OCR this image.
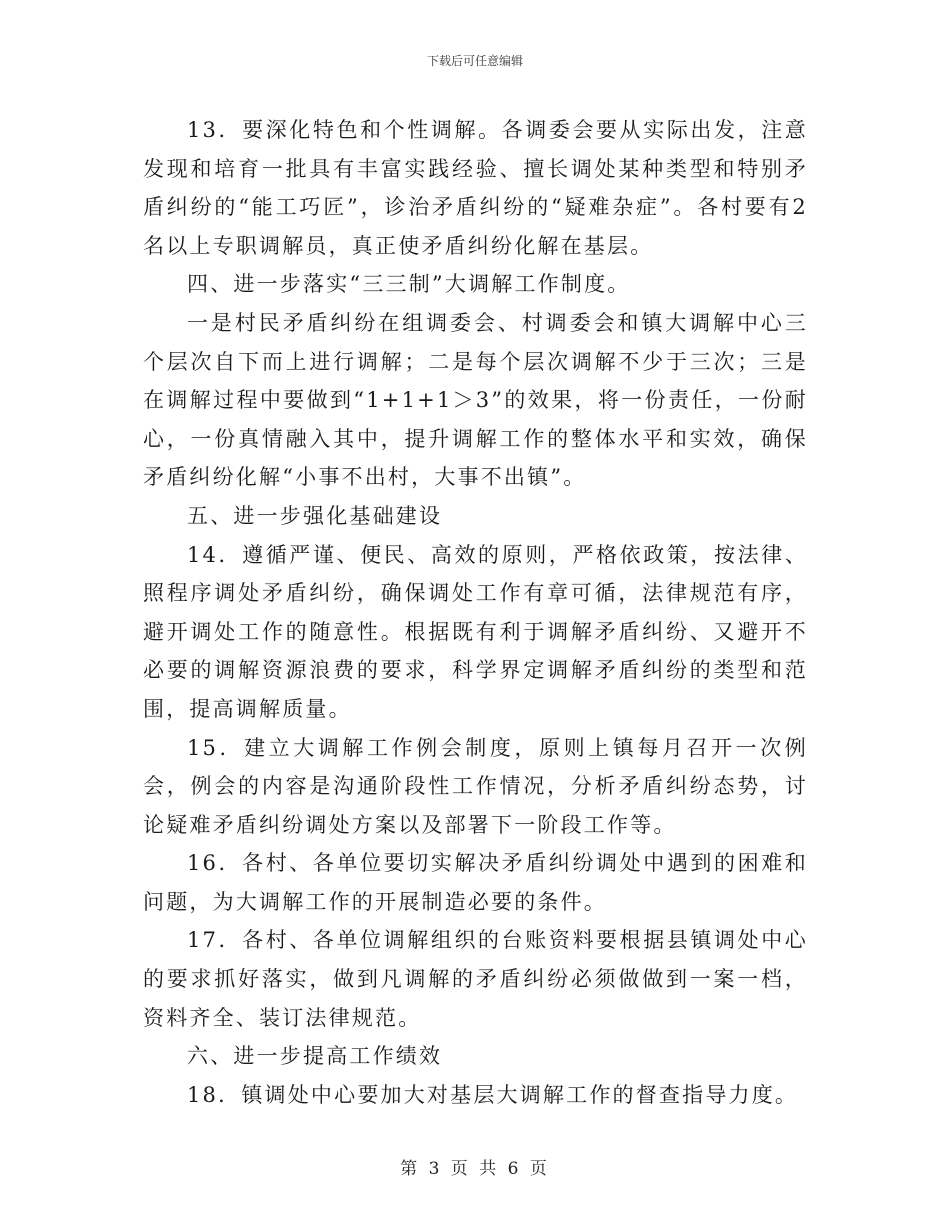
下载后可任意编辑

13．要深化特色和个性调解。各调委会要从实际出发，注意发现和培育一批具有丰富实践经验、擅长调处某种类型和特别矛盾纠纷的“能工巧匠”，诊治矛盾纠纷的“疑难杂症”。各村要有2名以上专职调解员，真正使矛盾纠纷化解在基层。

四、进一步落实“三三制”大调解工作制度。

一是村民矛盾纠纷在组调委会、村调委会和镇大调解中心三个层次自下而上进行调解；二是每个层次调解不少于三次；三是在调解过程中要做到“1+1+1＞3”的效果，将一份责任，一份耐心，一份真情融入其中，提升调解工作的整体水平和实效，确保矛盾纠纷化解“小事不出村，大事不出镇”。

五、进一步强化基础建设

14．遵循严谨、便民、高效的原则，严格依政策，按法律、照程序调处矛盾纠纷，确保调处工作有章可循，法律规范有序，避开调处工作的随意性。根据既有利于调解矛盾纠纷、又避开不必要的调解资源浪费的要求，科学界定调解矛盾纠纷的类型和范围，提高调解质量。

15．建立大调解工作例会制度，原则上镇每月召开一次例会，例会的内容是沟通阶段性工作情况，分析矛盾纠纷态势，讨论疑难矛盾纠纷调处方案以及部署下一阶段工作等。

16．各村、各单位要切实解决矛盾纠纷调处中遇到的困难和问题，为大调解工作的开展制造必要的条件。

17．各村、各单位调解组织的台账资料要根据县镇调处中心的要求抓好落实，做到凡调解的矛盾纠纷必须做做到一案一档，资料齐全、装订法律规范。

六、进一步提高工作绩效

18．镇调处中心要加大对基层大调解工作的督查指导力度。

第 3 页 共 6 页
